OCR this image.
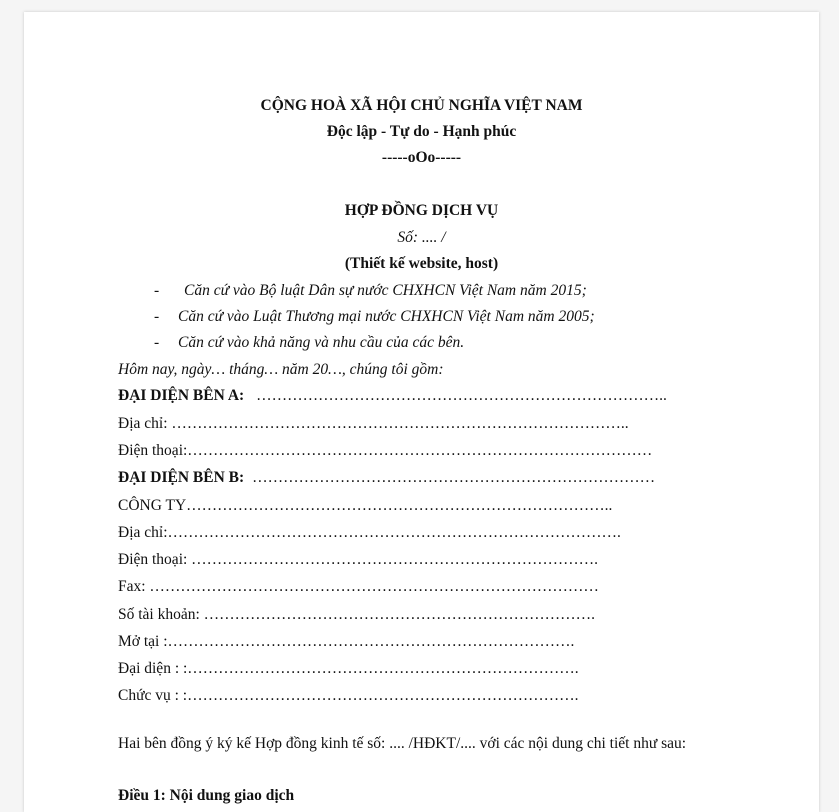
CỘNG HOÀ XÃ HỘI CHỦ NGHĨA VIỆT NAM
Độc lập - Tự do - Hạnh phúc
-----oOo-----
HỢP ĐỒNG DỊCH VỤ
Số: .... /
(Thiết kế website, host)
- Căn cứ vào Bộ luật Dân sự nước CHXHCN Việt Nam năm 2015;
- Căn cứ vào Luật Thương mại nước CHXHCN Việt Nam năm 2005;
- Căn cứ vào khả năng và nhu cầu của các bên.
Hôm nay, ngày… tháng… năm 20…, chúng tôi gồm:
ĐẠI DIỆN BÊN A: ……………………………………………………………………..
Địa chỉ: ……………………………………………………………………………..
Điện thoại:………………………………………………………………………………
ĐẠI DIỆN BÊN B: ……………………………………………………………………
CÔNG TY………………………………………………………………………..
Địa chỉ:…………………………………………………………………………….
Điện thoại: …………………………………………………………………….
Fax: ……………………………………………………………………………
Số tài khoản: ………………………………………………………………….
Mở tại :…………………………………………………………………….
Đại diện : :………………………………………………………………….
Chức vụ : :………………………………………………………………….
Hai bên đồng ý ký kế Hợp đồng kinh tế số: .... /HĐKT/.... với các nội dung chi tiết như sau:
Điều 1: Nội dung giao dịch
